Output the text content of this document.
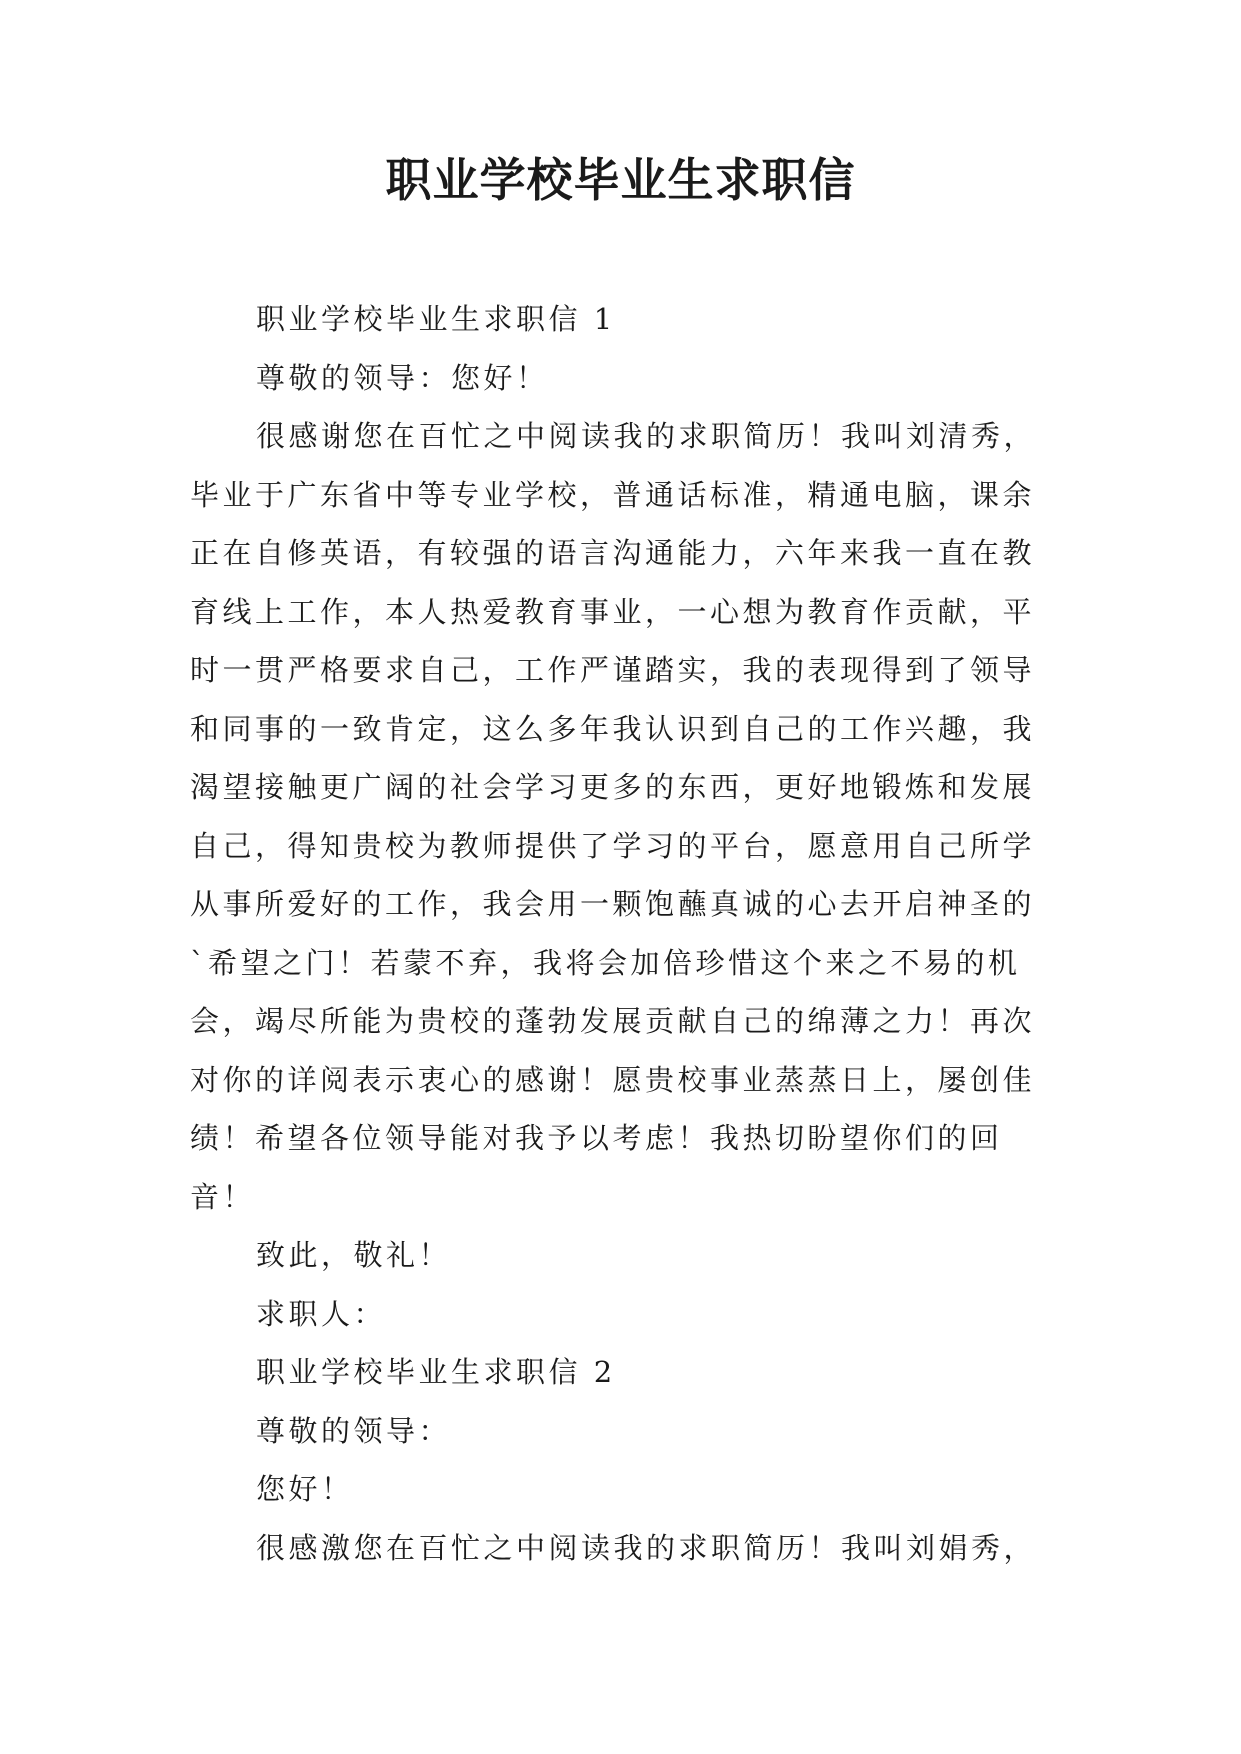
职业学校毕业生求职信
职业学校毕业生求职信 1
尊敬的领导：您好！
很感谢您在百忙之中阅读我的求职简历！我叫刘清秀，
毕业于广东省中等专业学校，普通话标准，精通电脑，课余
正在自修英语，有较强的语言沟通能力，六年来我一直在教
育线上工作，本人热爱教育事业，一心想为教育作贡献，平
时一贯严格要求自己，工作严谨踏实，我的表现得到了领导
和同事的一致肯定，这么多年我认识到自己的工作兴趣，我
渴望接触更广阔的社会学习更多的东西，更好地锻炼和发展
自己，得知贵校为教师提供了学习的平台，愿意用自己所学
从事所爱好的工作，我会用一颗饱蘸真诚的心去开启神圣的
`希望之门！若蒙不弃，我将会加倍珍惜这个来之不易的机
会，竭尽所能为贵校的蓬勃发展贡献自己的绵薄之力！再次
对你的详阅表示衷心的感谢！愿贵校事业蒸蒸日上，屡创佳
绩！希望各位领导能对我予以考虑！我热切盼望你们的回
音！
致此，敬礼！
求职人：
职业学校毕业生求职信 2
尊敬的领导：
您好！
很感激您在百忙之中阅读我的求职简历！我叫刘娟秀，
